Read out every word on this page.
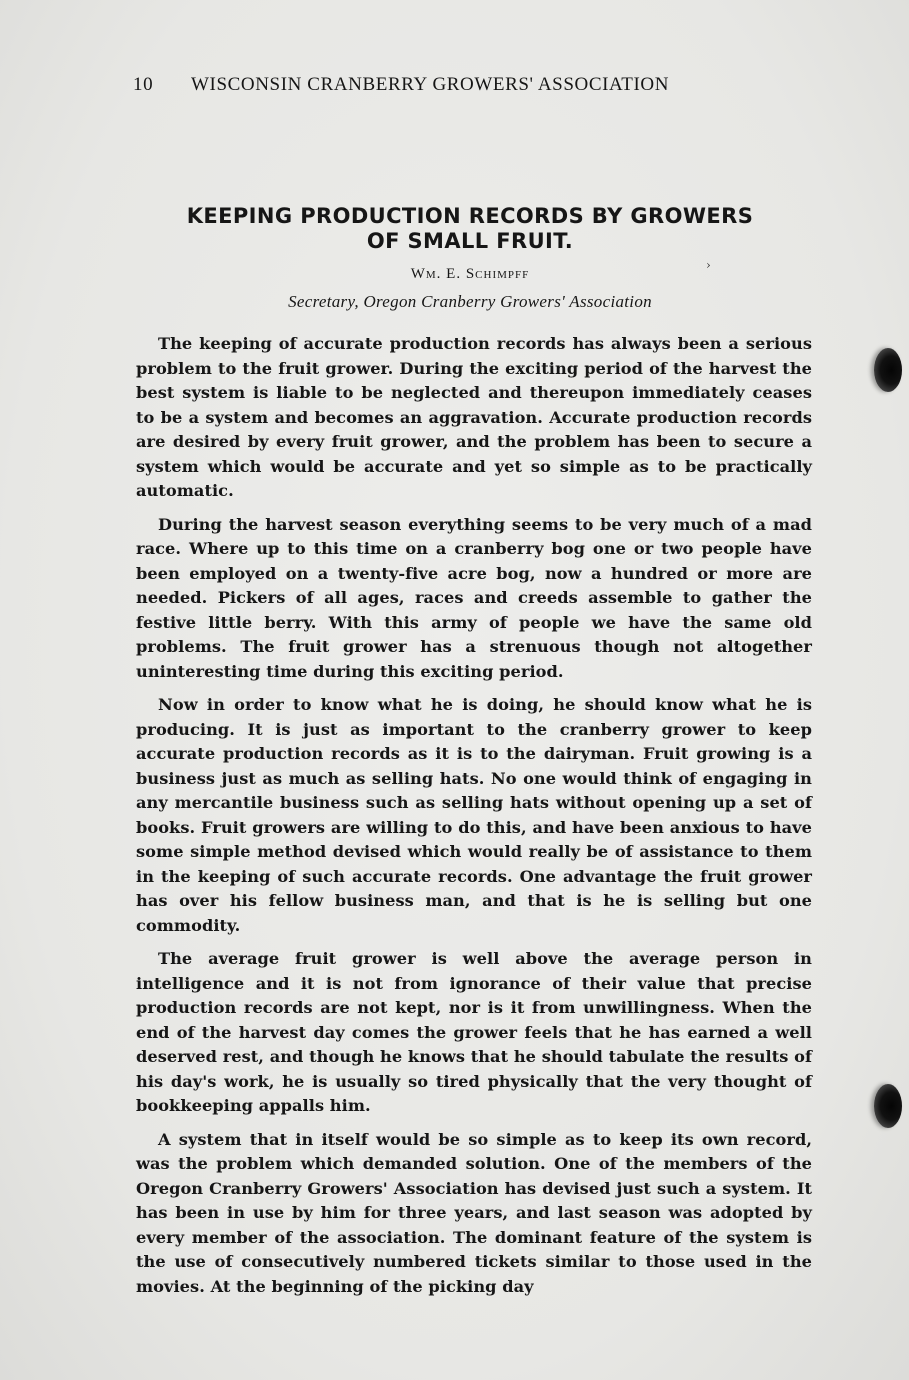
10 WISCONSIN CRANBERRY GROWERS' ASSOCIATION
KEEPING PRODUCTION RECORDS BY GROWERS
OF SMALL FRUIT.
›
Wm. E. Schimpff
Secretary, Oregon Cranberry Growers' Association

The keeping of accurate production records has always been a serious problem to the fruit grower. During the exciting period of the harvest the best system is liable to be neglected and thereupon immediately ceases to be a system and becomes an aggravation. Accurate production records are desired by every fruit grower, and the problem has been to secure a system which would be accurate and yet so simple as to be practically automatic.

During the harvest season everything seems to be very much of a mad race. Where up to this time on a cranberry bog one or two people have been employed on a twenty-five acre bog, now a hundred or more are needed. Pickers of all ages, races and creeds assemble to gather the festive little berry. With this army of people we have the same old problems. The fruit grower has a strenuous though not altogether uninteresting time during this exciting period.

Now in order to know what he is doing, he should know what he is producing. It is just as important to the cranberry grower to keep accurate production records as it is to the dairyman. Fruit growing is a business just as much as selling hats. No one would think of engaging in any mercantile business such as selling hats without opening up a set of books. Fruit growers are willing to do this, and have been anxious to have some simple method devised which would really be of assistance to them in the keeping of such accurate records. One advantage the fruit grower has over his fellow business man, and that is he is selling but one commodity.

The average fruit grower is well above the average person in intelligence and it is not from ignorance of their value that precise production records are not kept, nor is it from unwillingness. When the end of the harvest day comes the grower feels that he has earned a well deserved rest, and though he knows that he should tabulate the results of his day's work, he is usually so tired physically that the very thought of bookkeeping appalls him.

A system that in itself would be so simple as to keep its own record, was the problem which demanded solution. One of the members of the Oregon Cranberry Growers' Association has devised just such a system. It has been in use by him for three years, and last season was adopted by every member of the association. The dominant feature of the system is the use of consecutively numbered tickets similar to those used in the movies. At the beginning of the picking day
